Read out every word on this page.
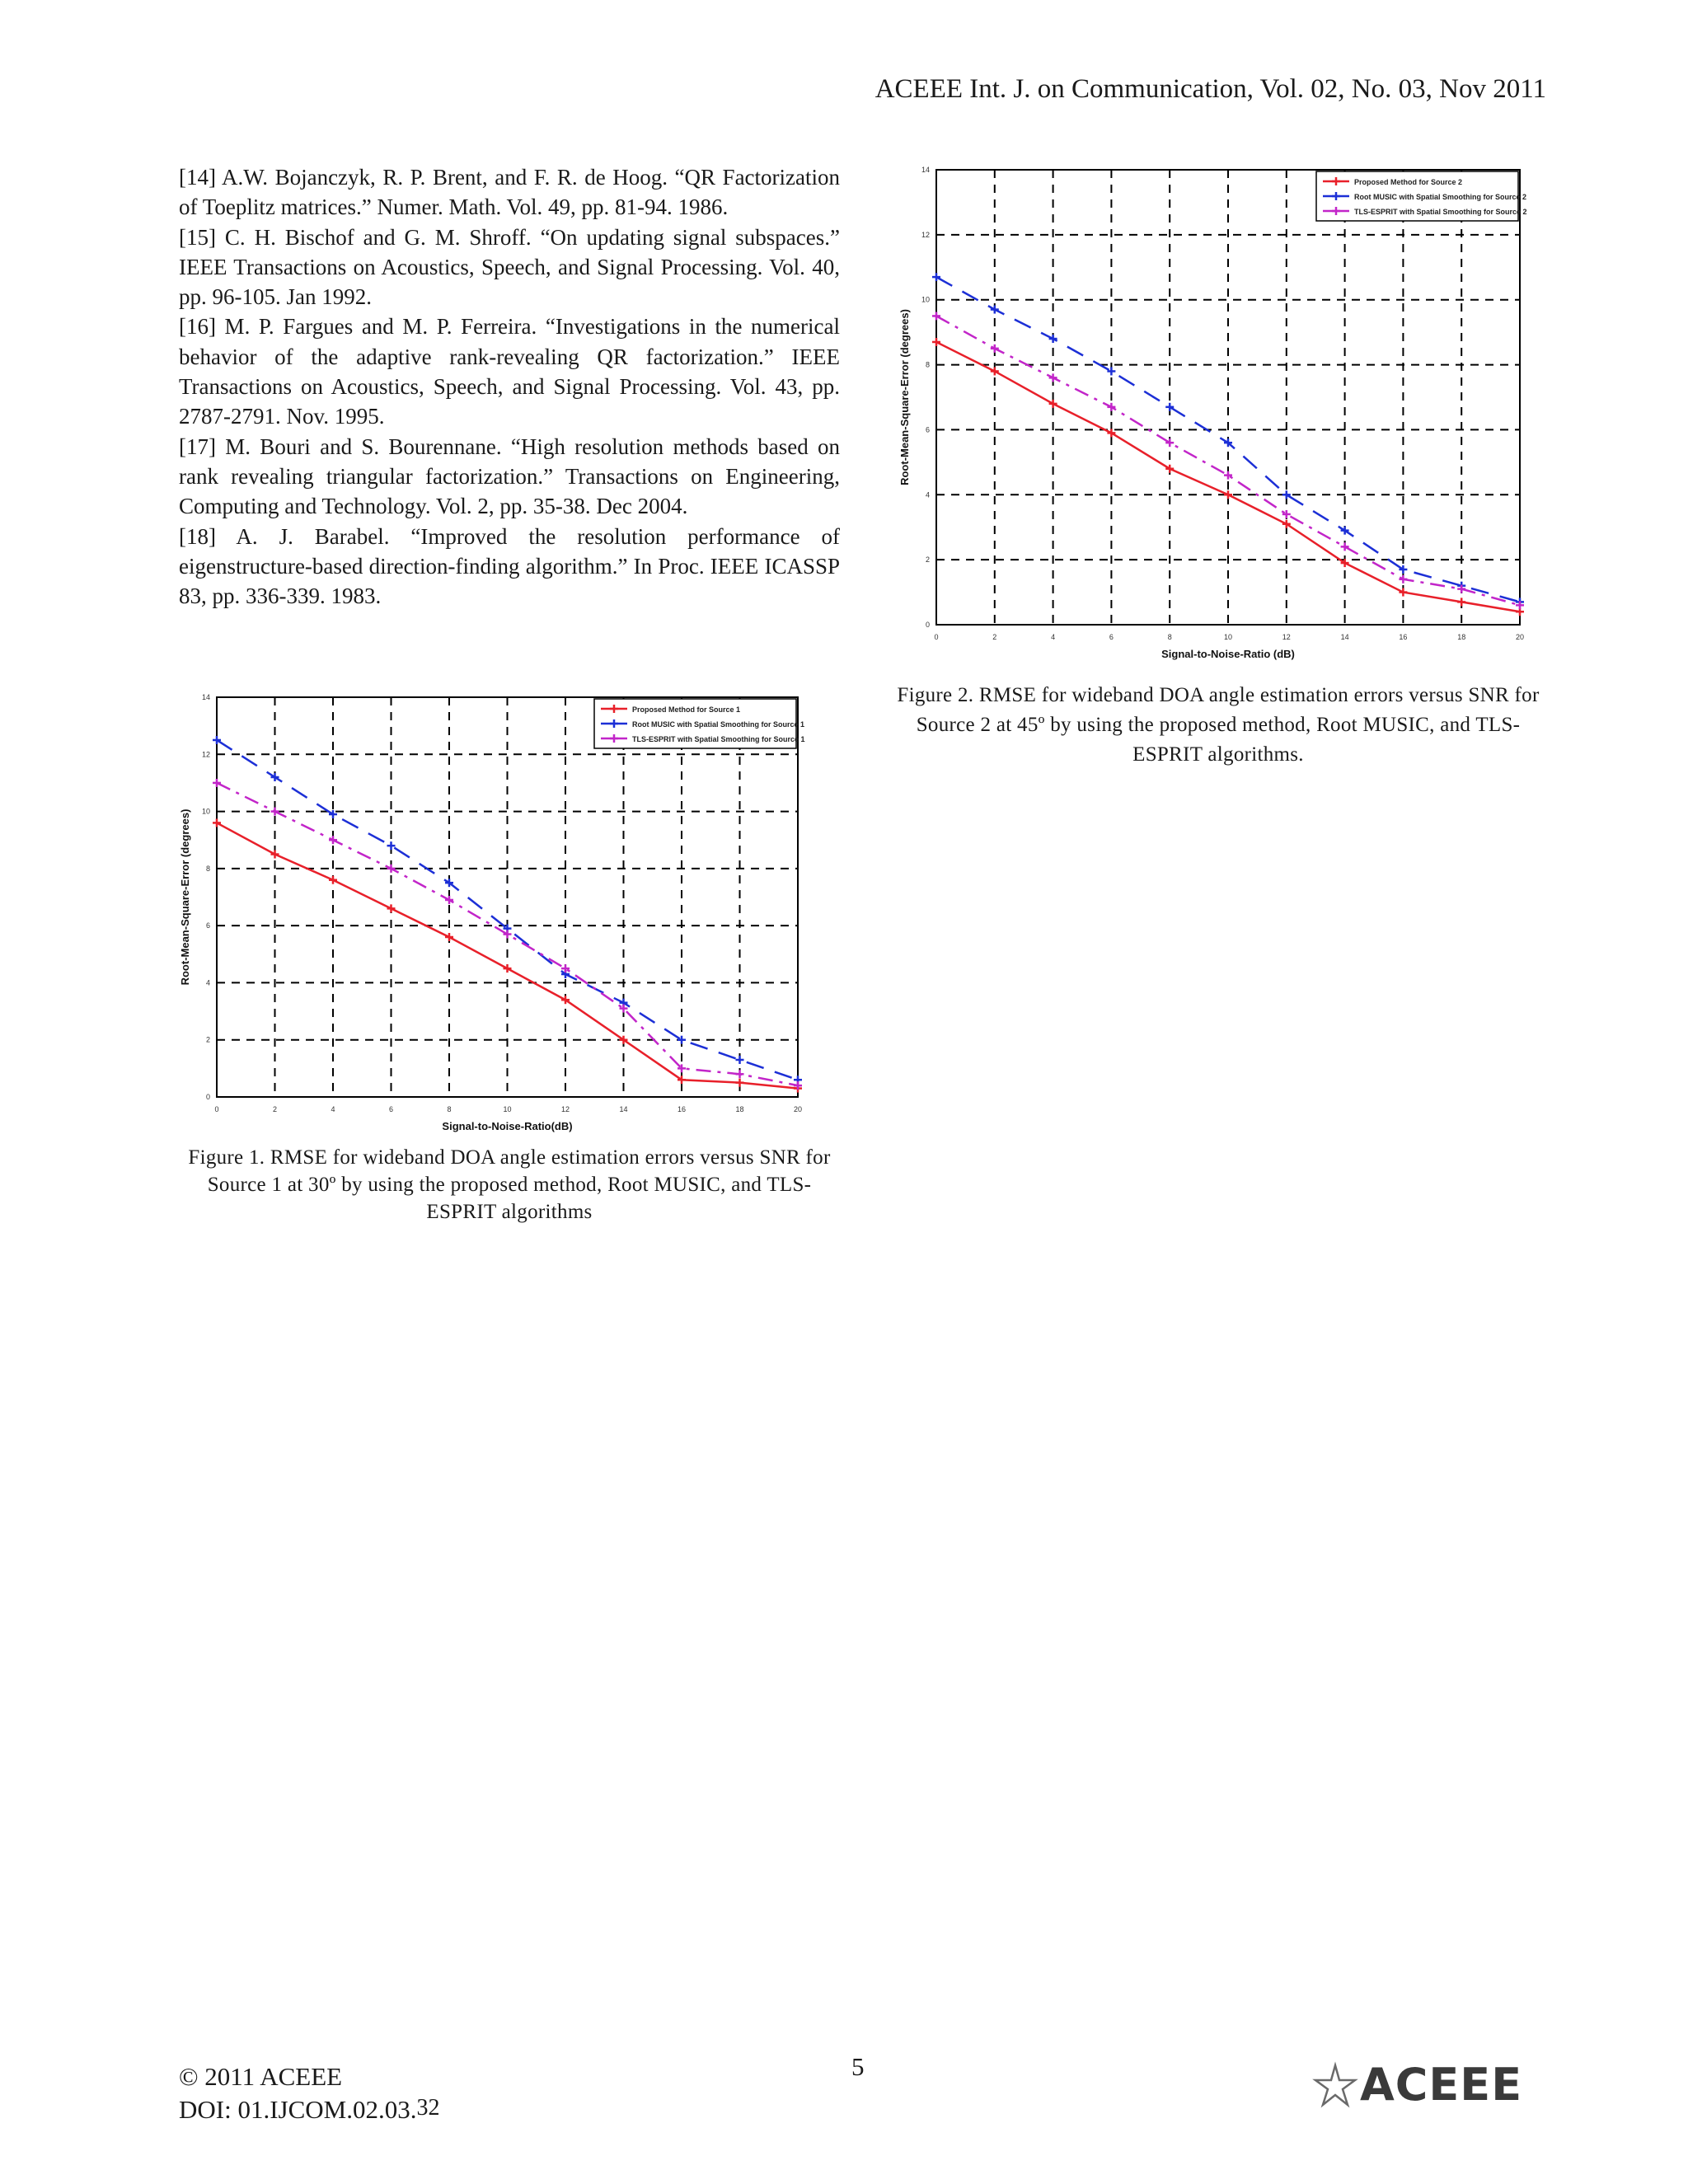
ACEEE Int. J. on Communication, Vol. 02, No. 03, Nov 2011

[14] A.W. Bojanczyk, R. P. Brent, and F. R. de Hoog. “QR Factorization of Toeplitz matrices.” Numer. Math. Vol. 49, pp. 81-94. 1986.

[15] C. H. Bischof and G. M. Shroff. “On updating signal subspaces.” IEEE Transactions on Acoustics, Speech, and Signal Processing. Vol. 40, pp. 96-105. Jan 1992.

[16] M. P. Fargues and M. P. Ferreira. “Investigations in the numerical behavior of the adaptive rank-revealing QR factorization.” IEEE Transactions on Acoustics, Speech, and Signal Processing. Vol. 43, pp. 2787-2791. Nov. 1995.

[17] M. Bouri and S. Bourennane. “High resolution methods based on rank revealing triangular factorization.” Transactions on Engineering, Computing and Technology. Vol. 2, pp. 35-38. Dec 2004.

[18] A. J. Barabel. “Improved the resolution performance of eigenstructure-based direction-finding algorithm.” In Proc. IEEE ICASSP 83, pp. 336-339. 1983.

0	2	4	6	8	10	12	14	16	18	20
0
2
4
6
8
10
12
14
Proposed Method for Source 1
Root MUSIC with Spatial Smoothing for Source 1
TLS-ESPRIT with Spatial Smoothing for Source 1
Signal-to-Noise-Ratio(dB)
Root-Mean-Square-Error (degrees)
Figure 1. RMSE for wideband DOA angle estimation errors versus SNR for Source 1 at 30º by using the proposed method, Root MUSIC, and TLS-ESPRIT algorithms
0	2	4	6	8	10	12	14	16	18	20
0
2
4
6
8
10
12
14
Proposed Method for Source 2
Root MUSIC with Spatial Smoothing for Source 2
TLS-ESPRIT with Spatial Smoothing for Source 2
Signal-to-Noise-Ratio (dB)
Root-Mean-Square-Error (degrees)
Figure 2. RMSE for wideband DOA angle estimation errors versus SNR for Source 2 at 45º by using the proposed method, Root MUSIC, and TLS-ESPRIT algorithms.
© 2011 ACEEE
DOI: 01.IJCOM.02.03.32
5	ACEEE
